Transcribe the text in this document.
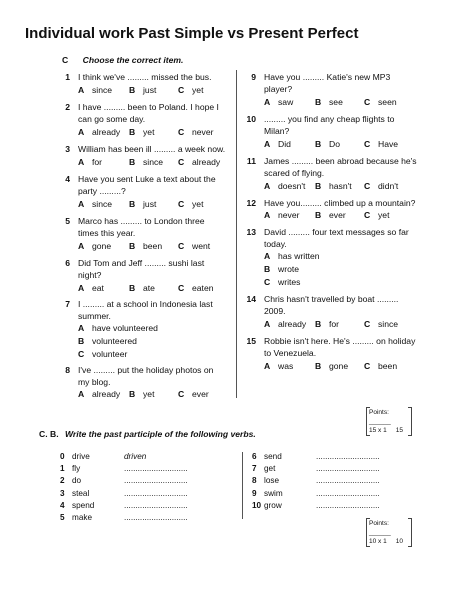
Individual work Past Simple vs Present Perfect
C Choose the correct item.
1 I think we've ......... missed the bus.
A since B just	C yet
2 I have ......... been to Poland. I hope I can go some day.
A already B yet	C never
3 William has been ill ......... a week now.
A for	B since C already
4 Have you sent Luke a text about the party .........?
A since B just	C yet
5 Marco has ......... to London three times this year.
A gone B been C went
6 Did Tom and Jeff ......... sushi last night?
A eat	B ate	C eaten
7 I ......... at a school in Indonesia last summer.
A have volunteered
B volunteered
C volunteer
8 I've ......... put the holiday photos on my blog.
A already B yet	C ever
9 Have you ......... Katie's new MP3 player?
A saw	B see C seen
10 ......... you find any cheap flights to Milan?
A Did	B Do	C Have
11 James ......... been abroad because he's scared of flying.
A doesn't B hasn't C didn't
12 Have you......... climbed up a mountain?
A never B ever C yet
13 David ......... four text messages so far today.
A has written
B wrote
C writes
14 Chris hasn't travelled by boat ......... 2009.
A already B for	C since
15 Robbie isn't here. He's ......... on holiday to Venezuela.
A was	B gone C been
Points: ______
15 x 1 15
C. B. Write the past participle of the following verbs.
0 drive	driven
1 fly	............................
2 do	............................
3 steal	............................
4 spend	............................
5 make	............................
6 send	............................
7 get	............................
8 lose	............................
9 swim	............................
10 grow	............................
Points: ______
10 x 1 10
